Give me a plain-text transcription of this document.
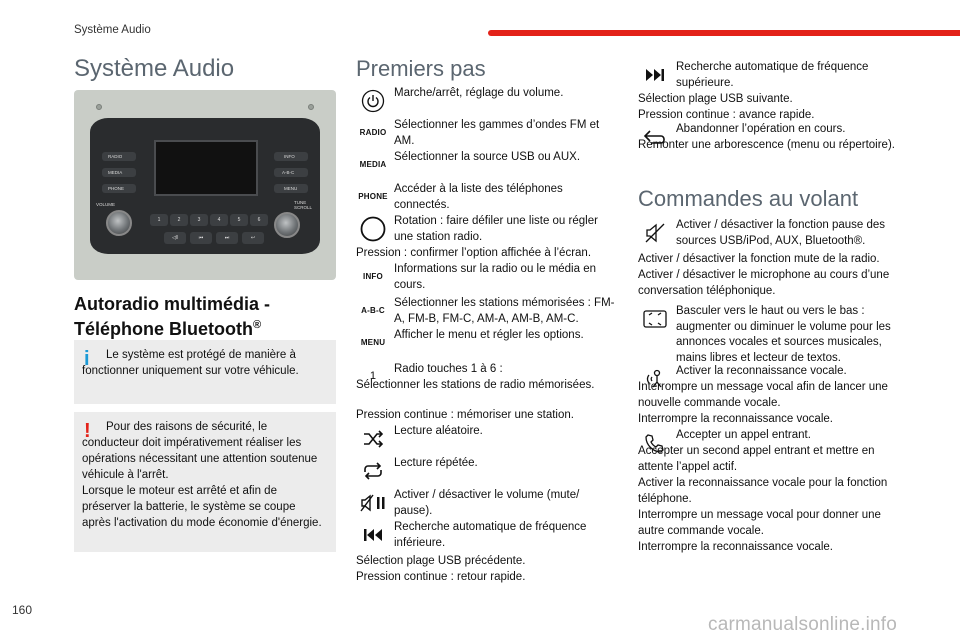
Système Audio
Système Audio
RADIO
MEDIA
PHONE
VOLUME
INFO
A-B-C
MENU
TUNE SCROLL
1	2	3	4	5	6
◁‖	⏮	⏭	↩
Autoradio multimédia - Téléphone Bluetooth®
i	Le système est protégé de manière à fonctionner uniquement sur votre véhicule.

!	Pour des raisons de sécurité, le conducteur doit impérativement réaliser les opérations nécessitant une attention soutenue véhicule à l'arrêt.
Lorsque le moteur est arrêté et afin de préserver la batterie, le système se coupe après l'activation du mode économie d'énergie.

Premiers pas
Marche/arrêt, réglage du volume.
RADIO
Sélectionner les gammes d’ondes FM et AM.
MEDIA
Sélectionner la source USB ou AUX.
PHONE
Accéder à la liste des téléphones connectés.
Rotation : faire défiler une liste ou régler une station radio.
Pression : confirmer l’option affichée à l’écran.
INFO
Informations sur la radio ou le média en cours.
A-B-C
Sélectionner les stations mémorisées : FM-A, FM-B, FM-C, AM-A, AM-B, AM-C.
MENU
Afficher le menu et régler les options.
1
Radio touches 1 à 6 :
Sélectionner les stations de radio mémorisées.
Pression continue : mémoriser une station.
Lecture aléatoire.
Lecture répétée.
Activer / désactiver le volume (mute/ pause).
Recherche automatique de fréquence inférieure.
Sélection plage USB précédente.
Pression continue : retour rapide.
Recherche automatique de fréquence supérieure.
Sélection plage USB suivante.
Pression continue : avance rapide.
Abandonner l’opération en cours.
Remonter une arborescence (menu ou répertoire).
Commandes au volant
Activer / désactiver la fonction pause des sources USB/iPod, AUX, Bluetooth®.
Activer / désactiver la fonction mute de la radio.
Activer / désactiver le microphone au cours d’une conversation téléphonique.
Basculer vers le haut ou vers le bas : augmenter ou diminuer le volume pour les annonces vocales et sources musicales, mains libres et lecteur de textos.
Activer la reconnaissance vocale.
Interrompre un message vocal afin de lancer une nouvelle commande vocale.
Interrompre la reconnaissance vocale.
Accepter un appel entrant.
Accepter un second appel entrant et mettre en attente l’appel actif.
Activer la reconnaissance vocale pour la fonction téléphone.
Interrompre un message vocal pour donner une autre commande vocale.
Interrompre la reconnaissance vocale.
160
carmanualsonline.info
